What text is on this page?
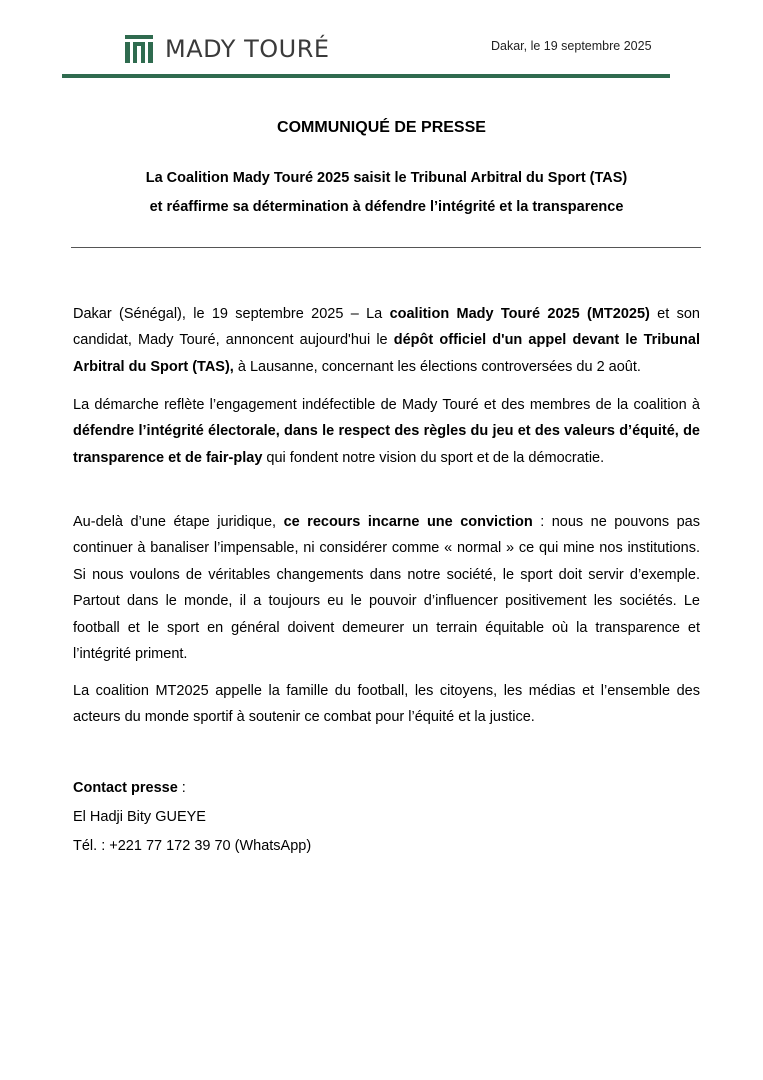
MADY TOURÉ	Dakar, le 19 septembre 2025
COMMUNIQUÉ DE PRESSE
La Coalition Mady Touré 2025 saisit le Tribunal Arbitral du Sport (TAS)
et réaffirme sa détermination à défendre l’intégrité et la transparence

Dakar (Sénégal), le 19 septembre 2025 – La coalition Mady Touré 2025 (MT2025) et son candidat, Mady Touré, annoncent aujourd'hui le dépôt officiel d'un appel devant le Tribunal Arbitral du Sport (TAS), à Lausanne, concernant les élections controversées du 2 août.

La démarche reflète l’engagement indéfectible de Mady Touré et des membres de la coalition à défendre l’intégrité électorale, dans le respect des règles du jeu et des valeurs d’équité, de transparence et de fair-play qui fondent notre vision du sport et de la démocratie.

Au-delà d’une étape juridique, ce recours incarne une conviction : nous ne pouvons pas continuer à banaliser l’impensable, ni considérer comme « normal » ce qui mine nos institutions. Si nous voulons de véritables changements dans notre société, le sport doit servir d’exemple. Partout dans le monde, il a toujours eu le pouvoir d’influencer positivement les sociétés. Le football et le sport en général doivent demeurer un terrain équitable où la transparence et l’intégrité priment.

La coalition MT2025 appelle la famille du football, les citoyens, les médias et l’ensemble des acteurs du monde sportif à soutenir ce combat pour l’équité et la justice.

Contact presse :
El Hadji Bity GUEYE
Tél. : +221 77 172 39 70 (WhatsApp)
